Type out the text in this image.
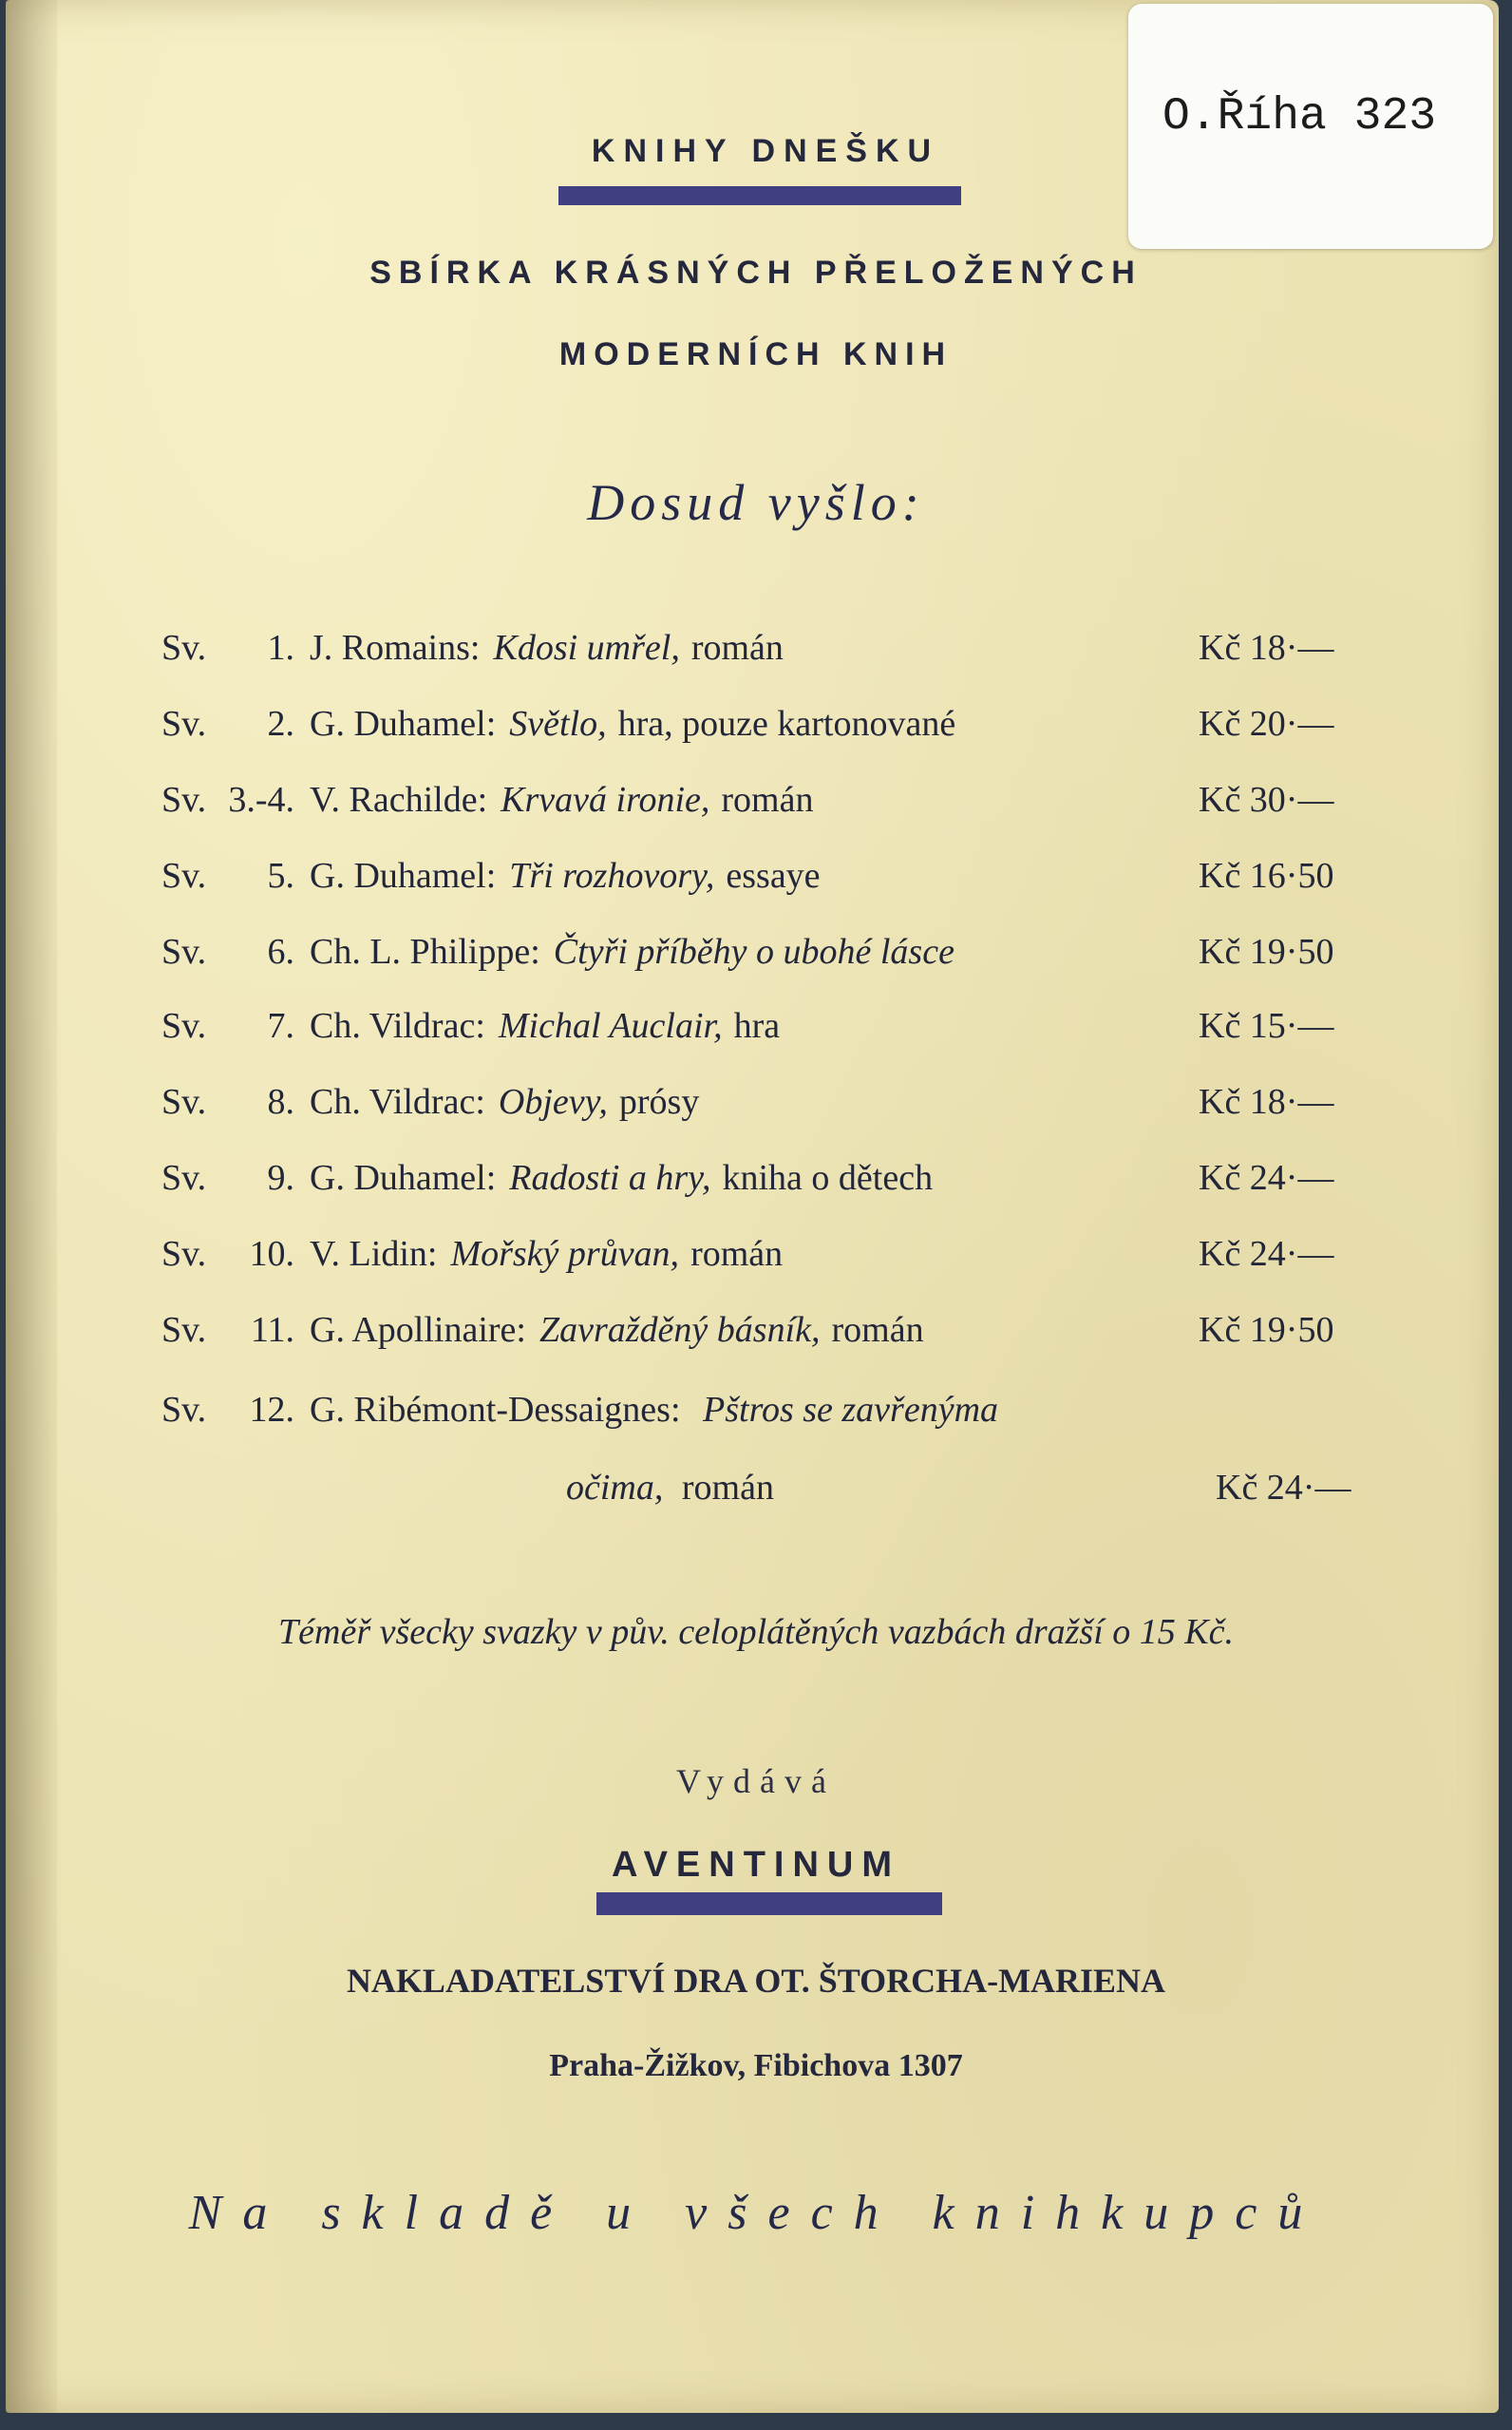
O.Říha 323
KNIHY DNEŠKU
SBÍRKA KRÁSNÝCH PŘELOŽENÝCH
MODERNÍCH KNIH
Dosud vyšlo:
Sv.	1. J. Romains: Kdosi umřel, román	Kč 18·—
Sv.	2. G. Duhamel: Světlo, hra, pouze kartonované	Kč 20·—
Sv. 3.-4. V. Rachilde: Krvavá ironie, román	Kč 30·—
Sv.	5. G. Duhamel: Tři rozhovory, essaye	Kč 16·50
Sv.	6. Ch. L. Philippe: Čtyři příběhy o ubohé lásce	Kč 19·50
Sv.	7. Ch. Vildrac: Michal Auclair, hra	Kč 15·—
Sv.	8. Ch. Vildrac: Objevy, prósy	Kč 18·—
Sv.	9. G. Duhamel: Radosti a hry, kniha o dětech	Kč 24·—
Sv.	10. V. Lidin: Mořský průvan, román	Kč 24·—
Sv.	11. G. Apollinaire: Zavražděný básník, román	Kč 19·50
Sv.	12. G. Ribémont-Dessaignes: Pštros se zavřenýma
očima, román	Kč 24·—
Téměř všecky svazky v pův. celoplátěných vazbách dražší o 15 Kč.
Vydává
AVENTINUM
NAKLADATELSTVÍ DRA OT. ŠTORCHA-MARIENA
Praha-Žižkov, Fibichova 1307
Na skladě u všech knihkupců
